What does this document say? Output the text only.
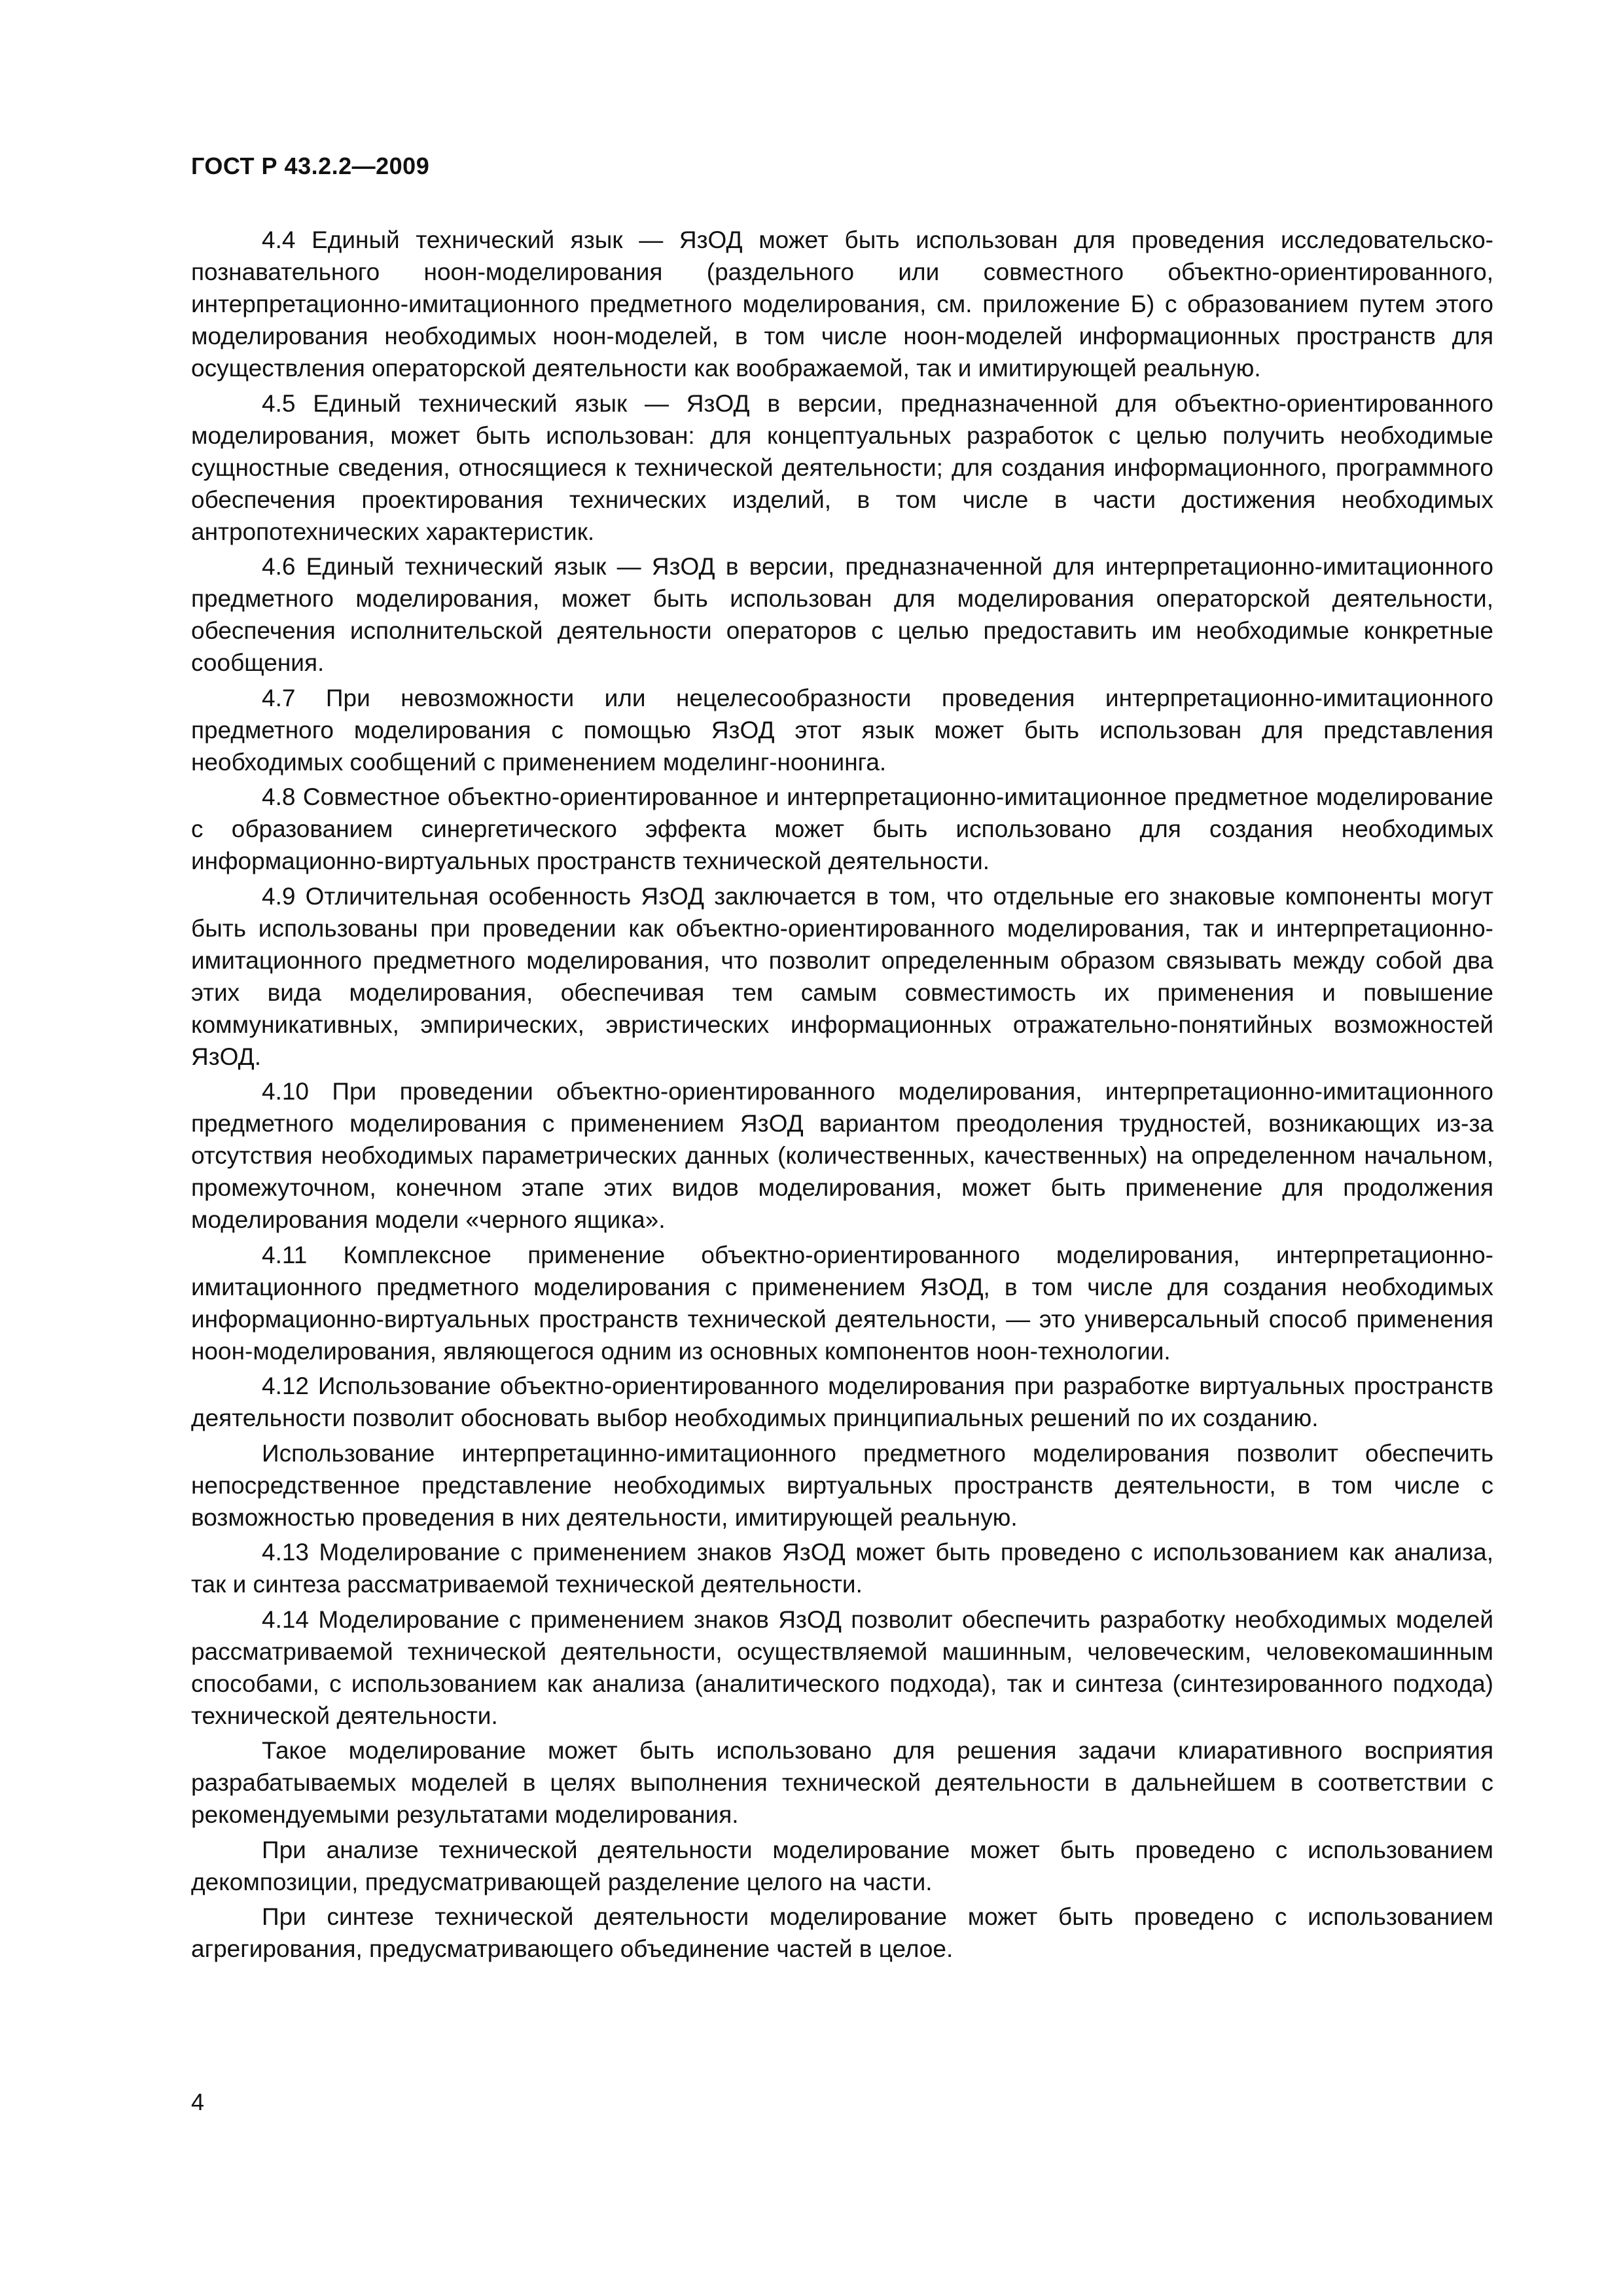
ГОСТ Р 43.2.2—2009

4.4 Единый технический язык — ЯзОД может быть использован для проведения исследовательско-познавательного ноон-моделирования (раздельного или совместного объектно-ориентированного, интерпретационно-имитационного предметного моделирования, см. приложение Б) с образованием путем этого моделирования необходимых ноон-моделей, в том числе ноон-моделей информационных пространств для осуществления операторской деятельности как воображаемой, так и имитирующей реальную.

4.5 Единый технический язык — ЯзОД в версии, предназначенной для объектно-ориентированного моделирования, может быть использован: для концептуальных разработок с целью получить необходимые сущностные сведения, относящиеся к технической деятельности; для создания информационного, программного обеспечения проектирования технических изделий, в том числе в части достижения необходимых антропотехнических характеристик.

4.6 Единый технический язык — ЯзОД в версии, предназначенной для интерпретационно-имитационного предметного моделирования, может быть использован для моделирования операторской деятельности, обеспечения исполнительской деятельности операторов с целью предоставить им необходимые конкретные сообщения.

4.7 При невозможности или нецелесообразности проведения интерпретационно-имитационного предметного моделирования с помощью ЯзОД этот язык может быть использован для представления необходимых сообщений с применением моделинг-ноонинга.

4.8 Совместное объектно-ориентированное и интерпретационно-имитационное предметное моделирование с образованием синергетического эффекта может быть использовано для создания необходимых информационно-виртуальных пространств технической деятельности.

4.9 Отличительная особенность ЯзОД заключается в том, что отдельные его знаковые компоненты могут быть использованы при проведении как объектно-ориентированного моделирования, так и интерпретационно-имитационного предметного моделирования, что позволит определенным образом связывать между собой два этих вида моделирования, обеспечивая тем самым совместимость их применения и повышение коммуникативных, эмпирических, эвристических информационных отражательно-понятийных возможностей ЯзОД.

4.10 При проведении объектно-ориентированного моделирования, интерпретационно-имитационного предметного моделирования с применением ЯзОД вариантом преодоления трудностей, возникающих из-за отсутствия необходимых параметрических данных (количественных, качественных) на определенном начальном, промежуточном, конечном этапе этих видов моделирования, может быть применение для продолжения моделирования модели «черного ящика».

4.11 Комплексное применение объектно-ориентированного моделирования, интерпретационно-имитационного предметного моделирования с применением ЯзОД, в том числе для создания необходимых информационно-виртуальных пространств технической деятельности, — это универсальный способ применения ноон-моделирования, являющегося одним из основных компонентов ноон-технологии.

4.12 Использование объектно-ориентированного моделирования при разработке виртуальных пространств деятельности позволит обосновать выбор необходимых принципиальных решений по их созданию.

Использование интерпретацинно-имитационного предметного моделирования позволит обеспечить непосредственное представление необходимых виртуальных пространств деятельности, в том числе с возможностью проведения в них деятельности, имитирующей реальную.

4.13 Моделирование с применением знаков ЯзОД может быть проведено с использованием как анализа, так и синтеза рассматриваемой технической деятельности.

4.14 Моделирование с применением знаков ЯзОД позволит обеспечить разработку необходимых моделей рассматриваемой технической деятельности, осуществляемой машинным, человеческим, человекомашинным способами, с использованием как анализа (аналитического подхода), так и синтеза (синтезированного подхода) технической деятельности.

Такое моделирование может быть использовано для решения задачи клиаративного восприятия разрабатываемых моделей в целях выполнения технической деятельности в дальнейшем в соответствии с рекомендуемыми результатами моделирования.

При анализе технической деятельности моделирование может быть проведено с использованием декомпозиции, предусматривающей разделение целого на части.

При синтезе технической деятельности моделирование может быть проведено с использованием агрегирования, предусматривающего объединение частей в целое.

4
